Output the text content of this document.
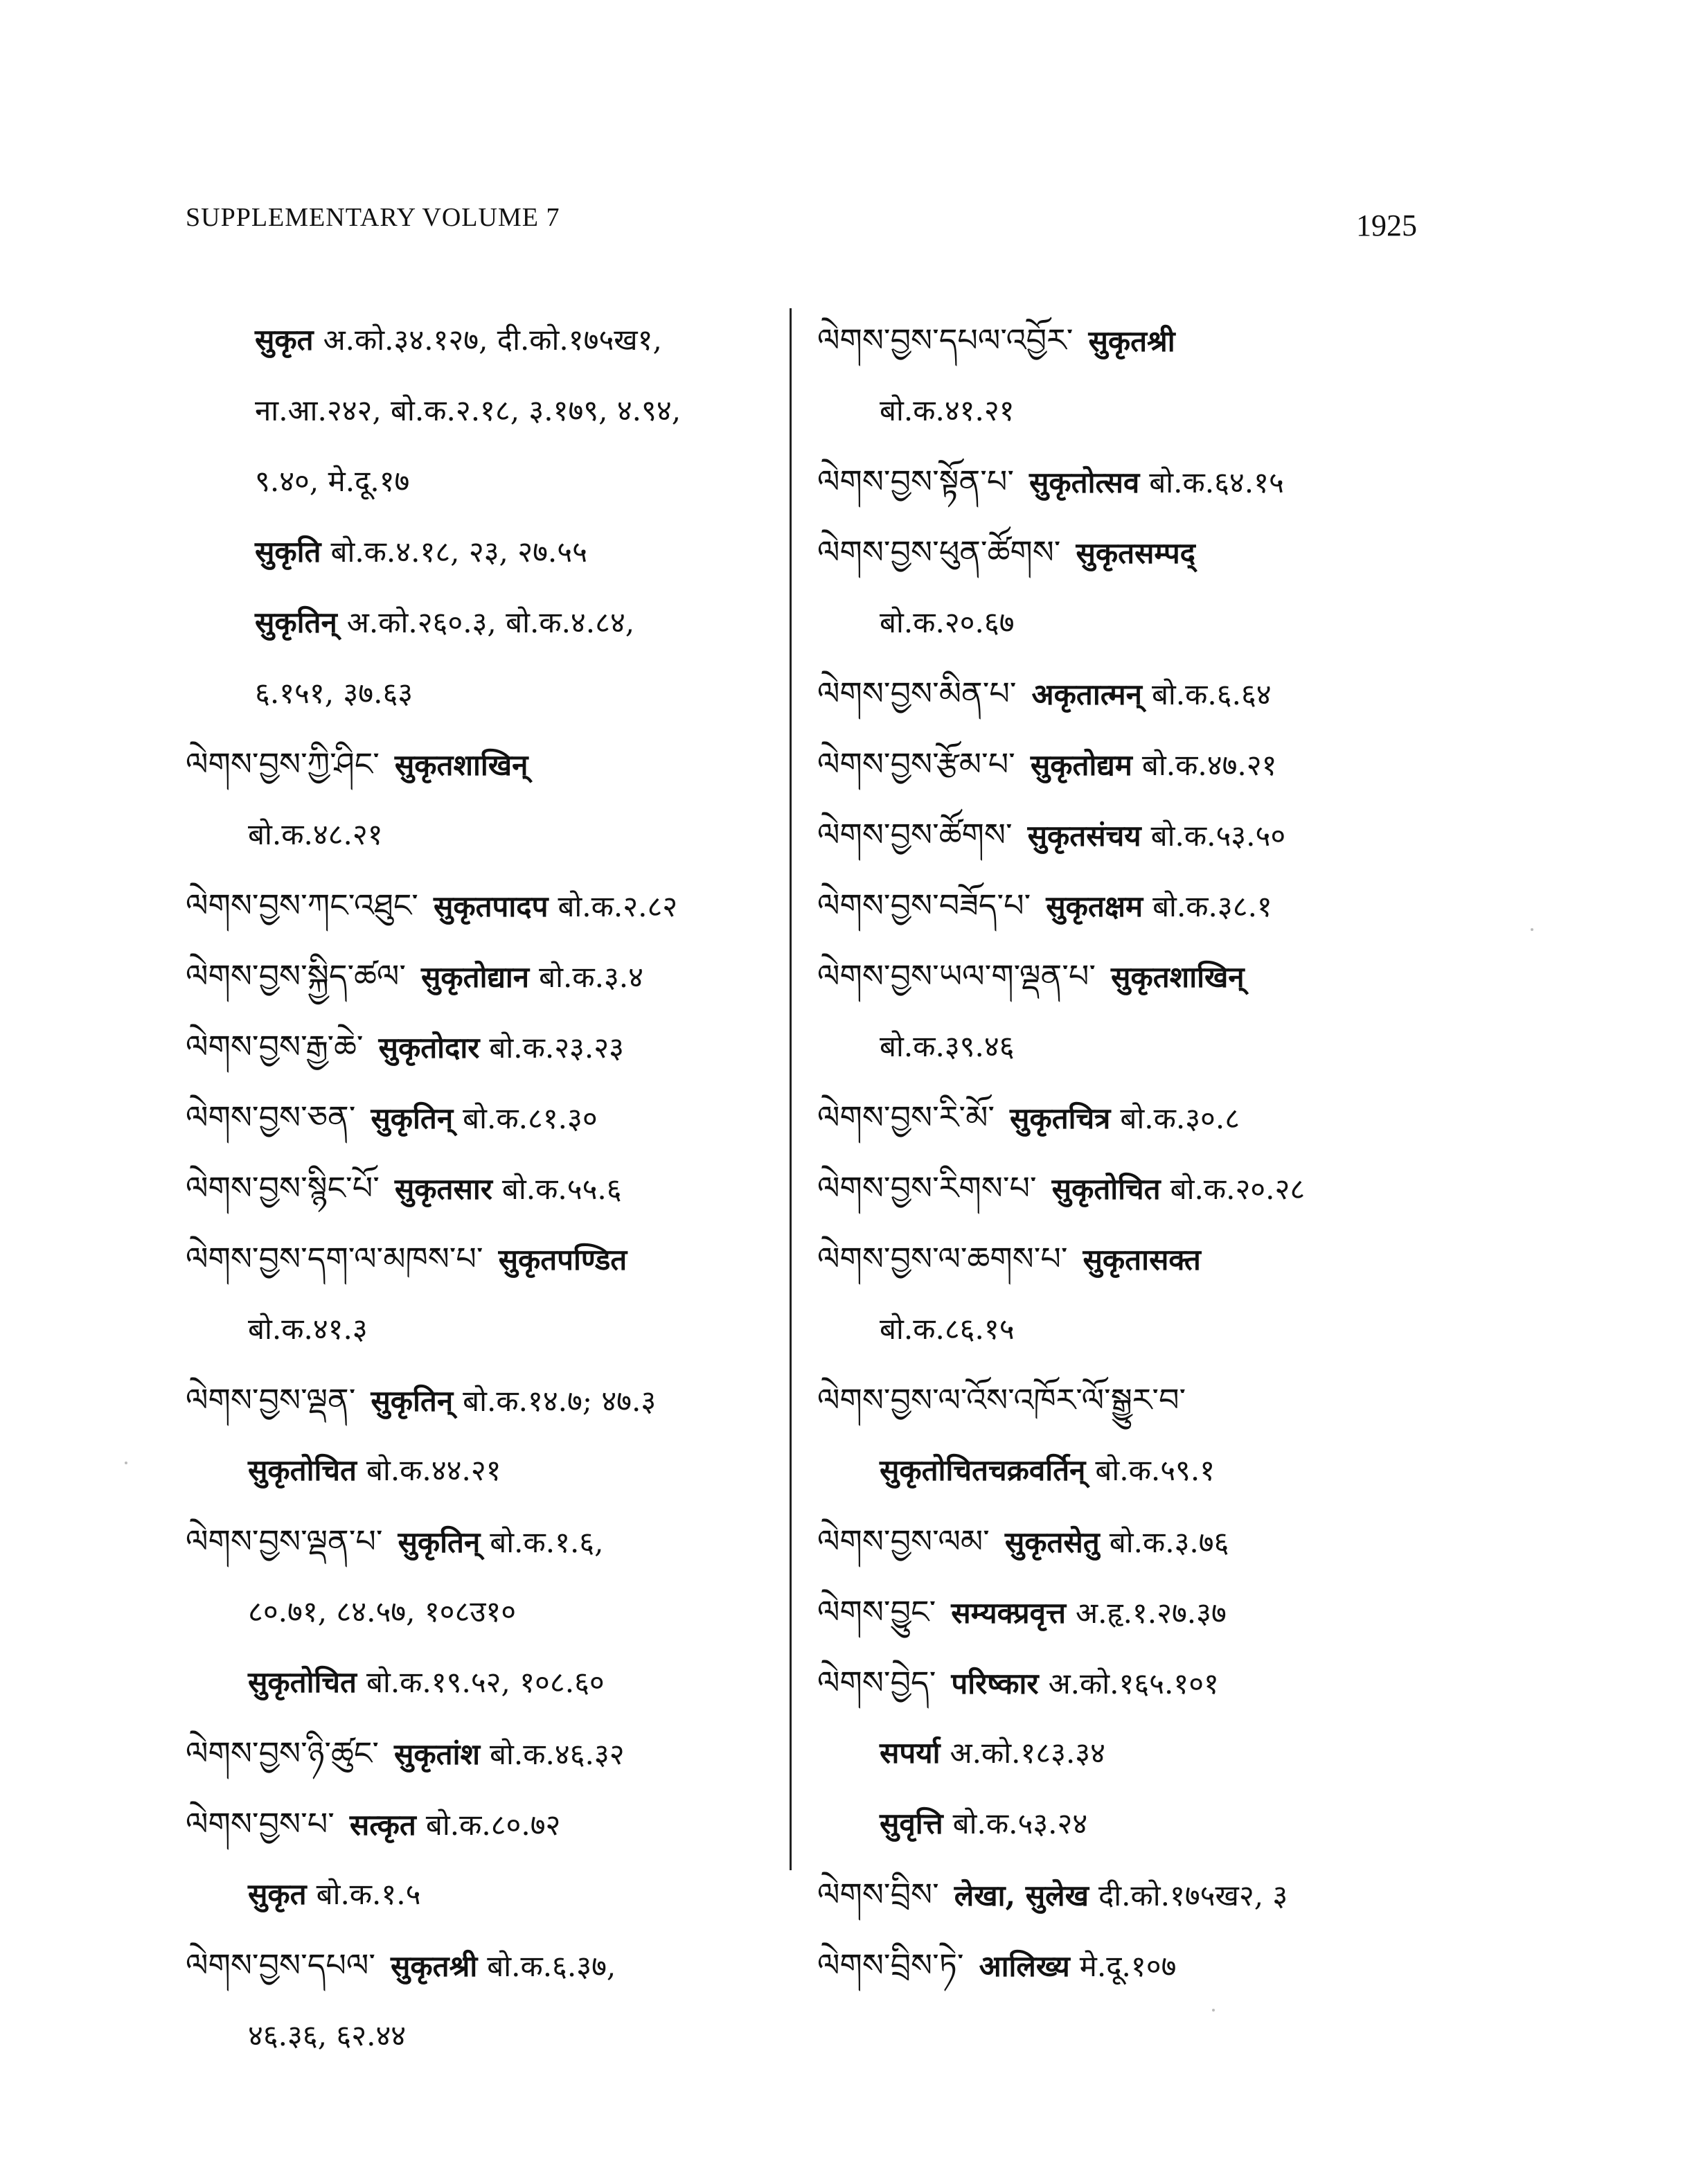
SUPPLEMENTARY VOLUME 7	1925
सुकृत अ.को.३४.१२७, दी.को.१७५ख१,
ना.आ.२४२, बो.क.२.१८, ३.१७९, ४.९४,
९.४०, मे.दू.१७
सुकृति बो.क.४.१८, २३, २७.५५
सुकृतिन् अ.को.२६०.३, बो.क.४.८४,
६.१५१, ३७.६३
ལེགས་བྱས་ཀྱི་ཤིང་ सुकृतशाखिन्
बो.क.४८.२१
ལེགས་བྱས་ཀང་འཐུང་ सुकृतपादप बो.क.२.८२
ལེགས་བྱས་སྐྱིད་ཚལ་ सुकृतोद्यान बो.क.३.४
ལེགས་བྱས་རྒྱ་ཆེ་ सुकृतोदार बो.क.२३.२३
ལེགས་བྱས་ཅན་ सुकृतिन् बो.क.८१.३०
ལེགས་བྱས་སྙིང་པོ་ सुकृतसार बो.क.५५.६
ལེགས་བྱས་དག་ལ་མཁས་པ་ सुकृतपण्डित
बो.क.४१.३
ལེགས་བྱས་ལྡན་ सुकृतिन् बो.क.१४.७; ४७.३
सुकृतोचित बो.क.४४.२१
ལེགས་བྱས་ལྡན་པ་ सुकृतिन् बो.क.१.६,
८०.७१, ८४.५७, १०८उ१०
सुकृतोचित बो.क.१९.५२, १०८.६०
ལེགས་བྱས་ཉི་ཚུང་ सुकृतांश बो.क.४६.३२
ལེགས་བྱས་པ་ सत्कृत बो.क.८०.७२
सुकृत बो.क.१.५
ལེགས་བྱས་དཔལ་ सुकृतश्री बो.क.६.३७,
४६.३६, ६२.४४
ལེགས་བྱས་དཔལ་འབྱོར་ सुकृतश्री
बो.क.४१.२१
ལེགས་བྱས་སྟོན་པ་ सुकृतोत्सव बो.क.६४.१५
ལེགས་བྱས་ཕུན་ཚོགས་ सुकृतसम्पद्
बो.क.२०.६७
ལེགས་བྱས་མིན་པ་ अकृतात्मन् बो.क.६.६४
ལེགས་བྱས་རྩོམ་པ་ सुकृतोद्यम बो.क.४७.२१
ལེགས་བྱས་ཚོགས་ सुकृतसंचय बो.क.५३.५०
ལེགས་བྱས་བཟོད་པ་ सुकृतक्षम बो.क.३८.१
ལེགས་བྱས་ཡལ་ག་ལྡན་པ་ सुकृतशाखिन्
बो.क.३९.४६
ལེགས་བྱས་རི་མོ་ सुकृतचित्र बो.क.३०.८
ལེགས་བྱས་རིགས་པ་ सुकृतोचित बो.क.२०.२८
ལེགས་བྱས་ལ་ཆགས་པ་ सुकृतासक्त
बो.क.८६.१५
ལེགས་བྱས་ལ་འོས་འཁོར་ལོ་སྒྱུར་བ་
सुकृतोचितचक्रवर्तिन् बो.क.५९.१
ལེགས་བྱས་ལམ་ सुकृतसेतु बो.क.३.७६
ལེགས་བྱུང་ सम्यक्प्रवृत्त अ.हृ.१.२७.३७
ལེགས་བྱེད་ परिष्कार अ.को.१६५.१०१
सपर्या अ.को.१८३.३४
सुवृत्ति बो.क.५३.२४
ལེགས་བྲིས་ लेखा, सुलेख दी.को.१७५ख२, ३
ལེགས་བྲིས་ཏེ་ आलिख्य मे.दू.१०७
